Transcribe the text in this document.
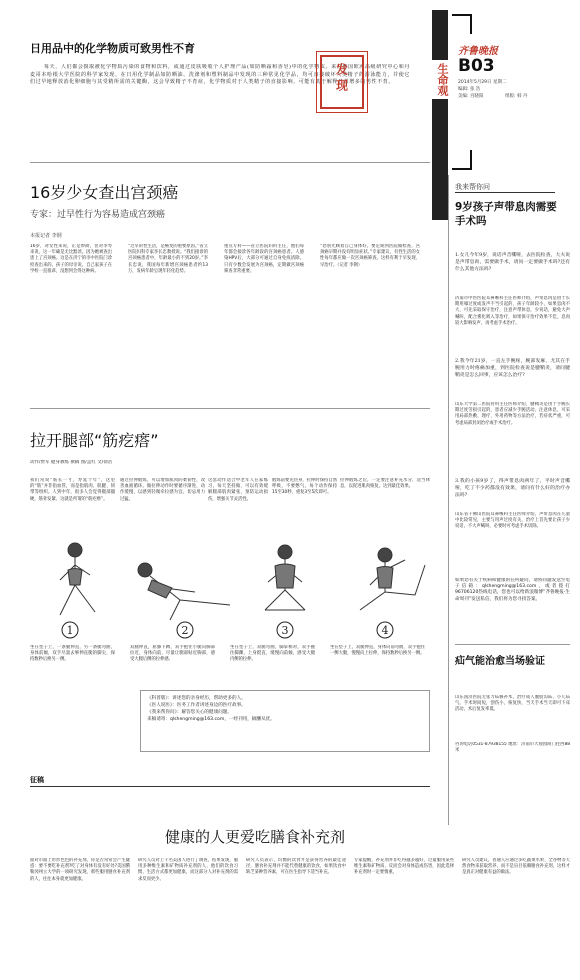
日用品中的化学物质可致男性不育
每天，人们都会摄取被化学物质污染的食物和饮料，或通过皮肤吸收个人护理产品(如防晒霜和香皂)中的化学物质。来自德国欧洲高级研究中心和丹麦哥本哈根大学医院的科学家发现，在日用化学制品如防晒油、洗涤剂和塑料制品中发现的三种常见化学品，均可直接破坏人类精子的游泳能力，并使它们过早地释放消化卵细胞与其受精所需的关键酶，这会导致精子不育症，化学物质对于人类精子的直接影响，可能有助于解释日益增多的男性不育。
发现	生命观
齐鲁晚报
B03
2014年5月29日 星期二
编辑: 张 浩
美编: 宫晓阳	组版: 韩 丹
16岁少女查出宫颈癌
专家：过早性行为容易造成宫颈癌
本报记者 李钢
16岁，对女性来说，正是妙龄，但对李琴来说，这一年确是无比黯淡。因为她被查出患上了宫颈癌。这是在济宁的市中医院门诊检查出来的。孩子的母亲说，自己家孩子在学校一直很乖，没想到会得这种病。
“过早的性生活，是癌变的重要原因。”省立医院妇科专家李长忠教授说。“我们接诊的宫颈癌患者中，年龄最小的不到20岁。”李长忠说，我国每年新增宫颈癌患者约13万，发病年龄呈现年轻化趋势。
重点专科——省立医院妇科主任，他们每年都会接诊各年龄段的宫颈癌患者。人感染HPV后，大部分可通过自身免疫清除，只有少数会发展为宫颈癌，定期做宫颈癌筛查非常重要。
“您别光顾着自己身体好，要定期到医院做检查，宫颈癌早期并没有明显症状。”专家建议，有性生活的女性每年都应做一次宫颈癌筛查，这样有利于早发现、早治疗。（记者 李钢）
拉开腿部“筋疙瘩”
动作/贾军 健身教练 撰稿 图/孟红 文/徐浩
我们常说“筋长一寸，寿延十年”，这里的“筋”并非指血管，而是指肌肉、肌腱、韧带等组织。人到中年，很多人会觉得腿部僵硬，筋骨发紧，这就是所谓的“筋疙瘩”。
通过拉伸锻炼，可以增加肌肉的柔韧性，改善血液循环。做拉伸动作时要循序渐进，动作缓慢，以感到轻微牵拉感为宜，切忌用力过猛。
这套动作适合中老年人在家练习，每天坚持做，可以有效缓解腿部肌肉紧张，预防运动损伤，增强关节灵活性。
锻炼前要先热身，拉伸时保持自然呼吸，不要憋气，每个动作保持15至30秒，重复3至5次即可。
拉伸锻炼之后，一定要注意补充水分，适当休息，以促进肌肉恢复，达到最佳效果。
1	2	3	4
坐在垫子上，一条腿伸直，另一条腿弯曲，身体前倾，双手尽量去够伸直腿的脚尖，保持数秒后换另一侧。
双腿伸直，屈膝下蹲，双手抱住小腿向胸部拉近，身体向前，尽量让腿部贴近胸部，感受大腿后侧的拉伸感。
坐在垫子上，双腿弯曲，脚掌相对，双手握住脚踝，上身挺直，缓慢向前倾，感受大腿内侧的拉伸。
坐在垫子上，双腿伸直，身体向前弯曲，双手抱住一侧大腿，慢慢向上拉伸，保持数秒后换另一侧。
《科普版》：讲述您的亲身经历，帮助更多的人。
《医人说医》：医务工作者讲述身边的医疗故事。
《我来帮你问》：解答您关心的健康问题。
来稿请寄：qlshengming@163.com，一经刊用，稿酬从优。
征稿
我来帮你问
9岁孩子声带息肉需要手术吗
1.女儿今年9岁，说话声音嘶哑，去医院检查，大夫说是声带息肉，需要做手术，请问一定要做手术吗?还有什么其他方法吗?
济南市中医医院耳鼻喉科主任医师介绍，声带息肉是由于长期用嗓过度或发声不当引起的，孩子年龄较小，如果息肉不大，可先采取保守治疗，注意声带休息，少说话，避免大声喊叫，配合雾化吸入等治疗，如果保守治疗效果不佳，息肉较大影响发声，再考虑手术治疗。
2.我今年21岁，一直左手腕疼，腕部发麻，尤其在手腕用力时疼痛加重，到医院检查说是腱鞘炎，请问腱鞘炎是怎么回事，应该怎么治疗?
山东大学第二医院骨科主任医师介绍，腱鞘炎是由于手腕长期过度劳损引起的，患者应减少手腕活动，注意休息，可采用局部热敷、理疗、外用药物等方法治疗，若症状严重，可考虑局部封闭治疗或手术治疗。
3.我的小孩9岁了，得声带息肉两年了，平时声音嘶哑，吃了不少药都没有效果，请问有什么好的治疗办法吗?
山东省千佛山医院耳鼻喉科主任医师介绍，声带息肉在儿童中比较常见，主要与用声过度有关，治疗上首先要让孩子少说话，不大声喊叫，必要时可考虑手术切除。
如果您有关于疾病和健康的任何疑问，请将问题发送至电子信箱：qlshengming@163.com，或者拨打96706120热线电话，您也可以给新浪微博“齐鲁晚报·生命周刊”发送私信，我们将为您寻找答案。
疝气能治愈当场验证
山东国济医院无张力疝修补术，治疗成人腹股沟疝、小儿疝气，手术时间短，创伤小，恢复快，当天手术当天即可下床活动，术后复发率低。
咨询电话0531-87938155 地址：济南市大观园商门往西88米
健康的人更爱吃膳食补充剂
面对市面上形形色色的补充剂，你是否常常会产生疑惑：要不要吃补充剂?吃了对身体有没有好处?美国俄勒冈州立大学的一项研究发现，那些服用膳食补充剂的人，往往本身就更加健康。
研究人员对上千名美国人进行了调查，结果发现，服用多种维生素和矿物质补充剂的人，他们的饮食习惯、生活方式都更加健康，而这部分人对补充剂的需求反而更少。
研究人员表示，均衡的饮食才是获得营养的最佳途径，膳食补充剂并不能代替健康的饮食，如果饮食中缺乏某种营养素，可在医生指导下适当补充。
专家提醒，补充剂并非吃得越多越好，过量服用某些维生素和矿物质，反而会对身体造成伤害，因此选择补充剂时一定要慎重。
研究人员建议，普通人应通过多吃蔬菜水果、全谷物等天然食物来获取营养，而不是盲目依赖膳食补充剂，这样才是真正对健康有益的做法。
